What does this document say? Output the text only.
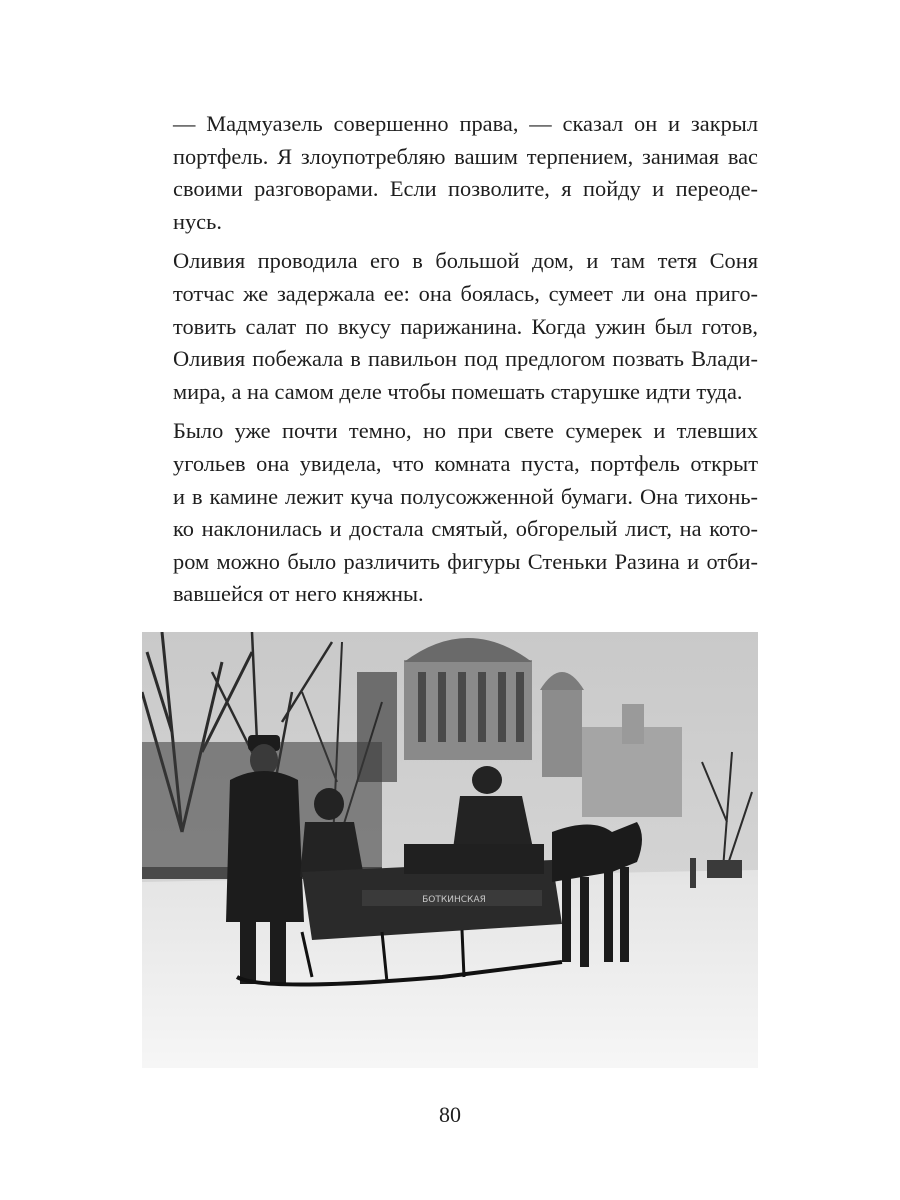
— Мадмуазель совершенно права, — сказал он и закрыл
портфель. Я злоупотребляю вашим терпением, занимая вас
своими разговорами. Если позволите, я пойду и переоде-
нусь.

Оливия проводила его в большой дом, и там тетя Соня
тотчас же задержала ее: она боялась, сумеет ли она приго-
товить салат по вкусу парижанина. Когда ужин был готов,
Оливия побежала в павильон под предлогом позвать Влади-
мира, а на самом деле чтобы помешать старушке идти туда.

Было уже почти темно, но при свете сумерек и тлевших
угольев она увидела, что комната пуста, портфель открыт
и в камине лежит куча полусожженной бумаги. Она тихонь-
ко наклонилась и достала смятый, обгорелый лист, на кото-
ром можно было различить фигуры Стеньки Разина и отби-
вавшейся от него княжны.

БОТКИНСКАЯ
80
